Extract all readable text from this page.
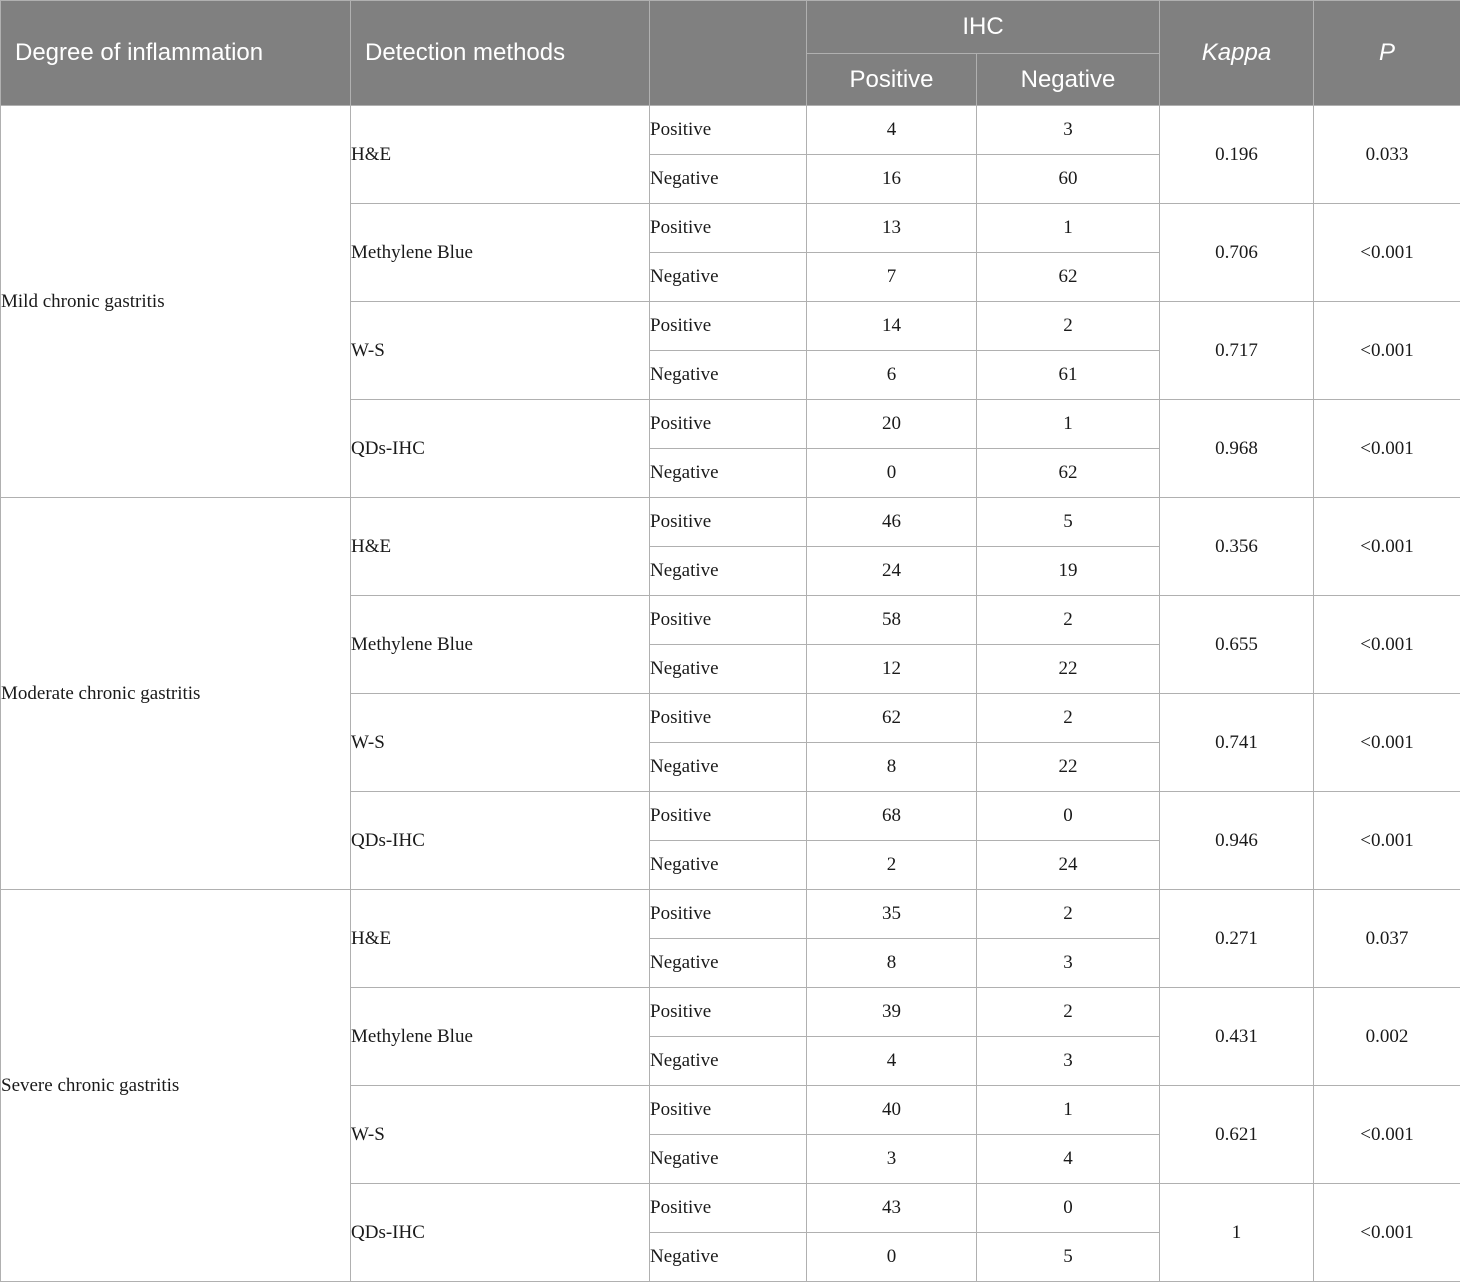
Degree of inflammation	Detection methods		IHC		Kappa	P
			Positive	Negative		
Mild chronic gastritis	H&E	Positive	4	3	0.196	0.033
		Negative	16	60		
	Methylene Blue	Positive	13	1	0.706	<0.001
		Negative	7	62		
	W-S	Positive	14	2	0.717	<0.001
		Negative	6	61		
	QDs-IHC	Positive	20	1	0.968	<0.001
		Negative	0	62		
Moderate chronic gastritis	H&E	Positive	46	5	0.356	<0.001
		Negative	24	19		
	Methylene Blue	Positive	58	2	0.655	<0.001
		Negative	12	22		
	W-S	Positive	62	2	0.741	<0.001
		Negative	8	22		
	QDs-IHC	Positive	68	0	0.946	<0.001
		Negative	2	24		
Severe chronic gastritis	H&E	Positive	35	2	0.271	0.037
		Negative	8	3		
	Methylene Blue	Positive	39	2	0.431	0.002
		Negative	4	3		
	W-S	Positive	40	1	0.621	<0.001
		Negative	3	4		
	QDs-IHC	Positive	43	0	1	<0.001
		Negative	0	5		
